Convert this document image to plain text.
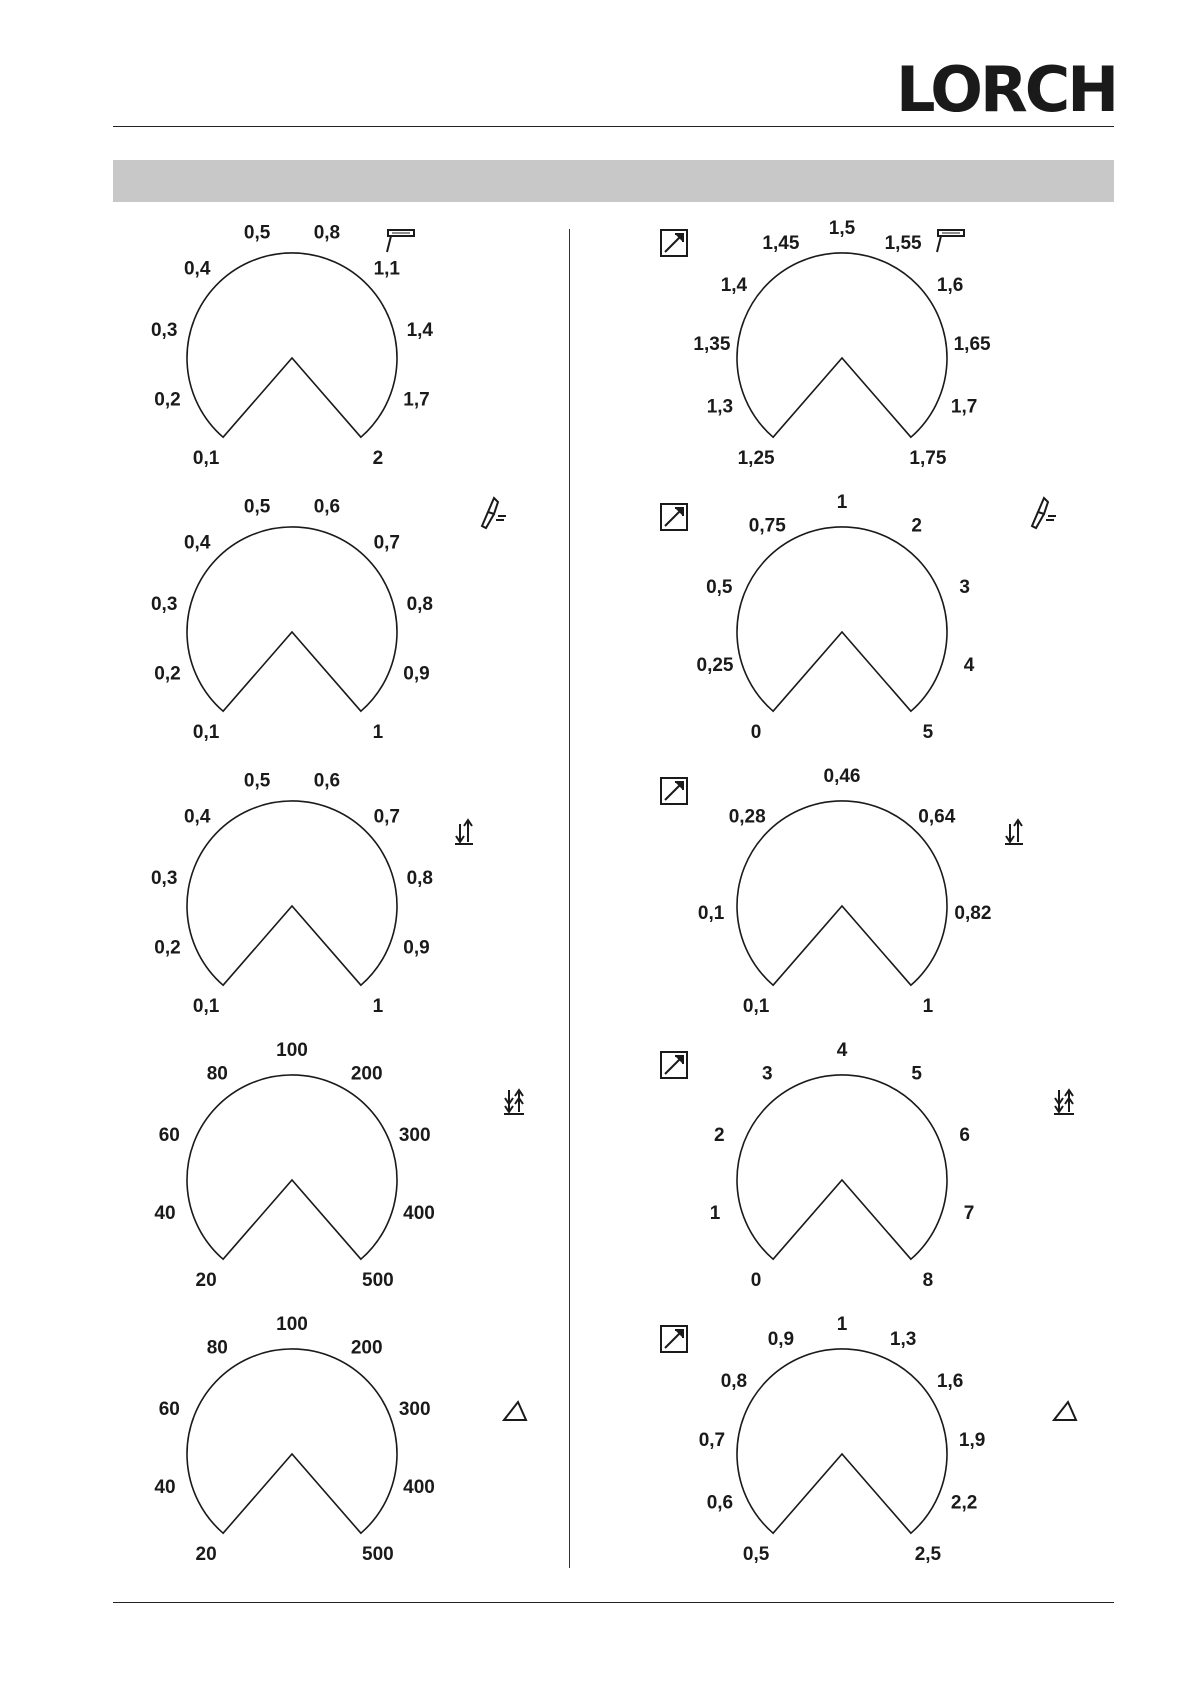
LORCH
0,1
0,2
0,3
0,4
0,5 0,8
1,1
1,4
1,7
2
0,1
0,2
0,3
0,4
0,5 0,6
0,7
0,8
0,9
1
0,1
0,2
0,3
0,4
0,5 0,6
0,7
0,8
0,9
1
20
40
60
80
100
200
300
400
500
20
40
60
80
100
200
300
400
500
1,25
1,3
1,35
1,4
1,45
1,5
1,55
1,6
1,65
1,7
1,75
0
0,25
0,5
0,75
1
2
3
4
5
0,1
0,1
0,28
0,46
0,64
0,82
1
0
1
2
3
4
5
6
7
8
0,5
0,6
0,7
0,8
0,9
1
1,3
1,6
1,9
2,2
2,5
